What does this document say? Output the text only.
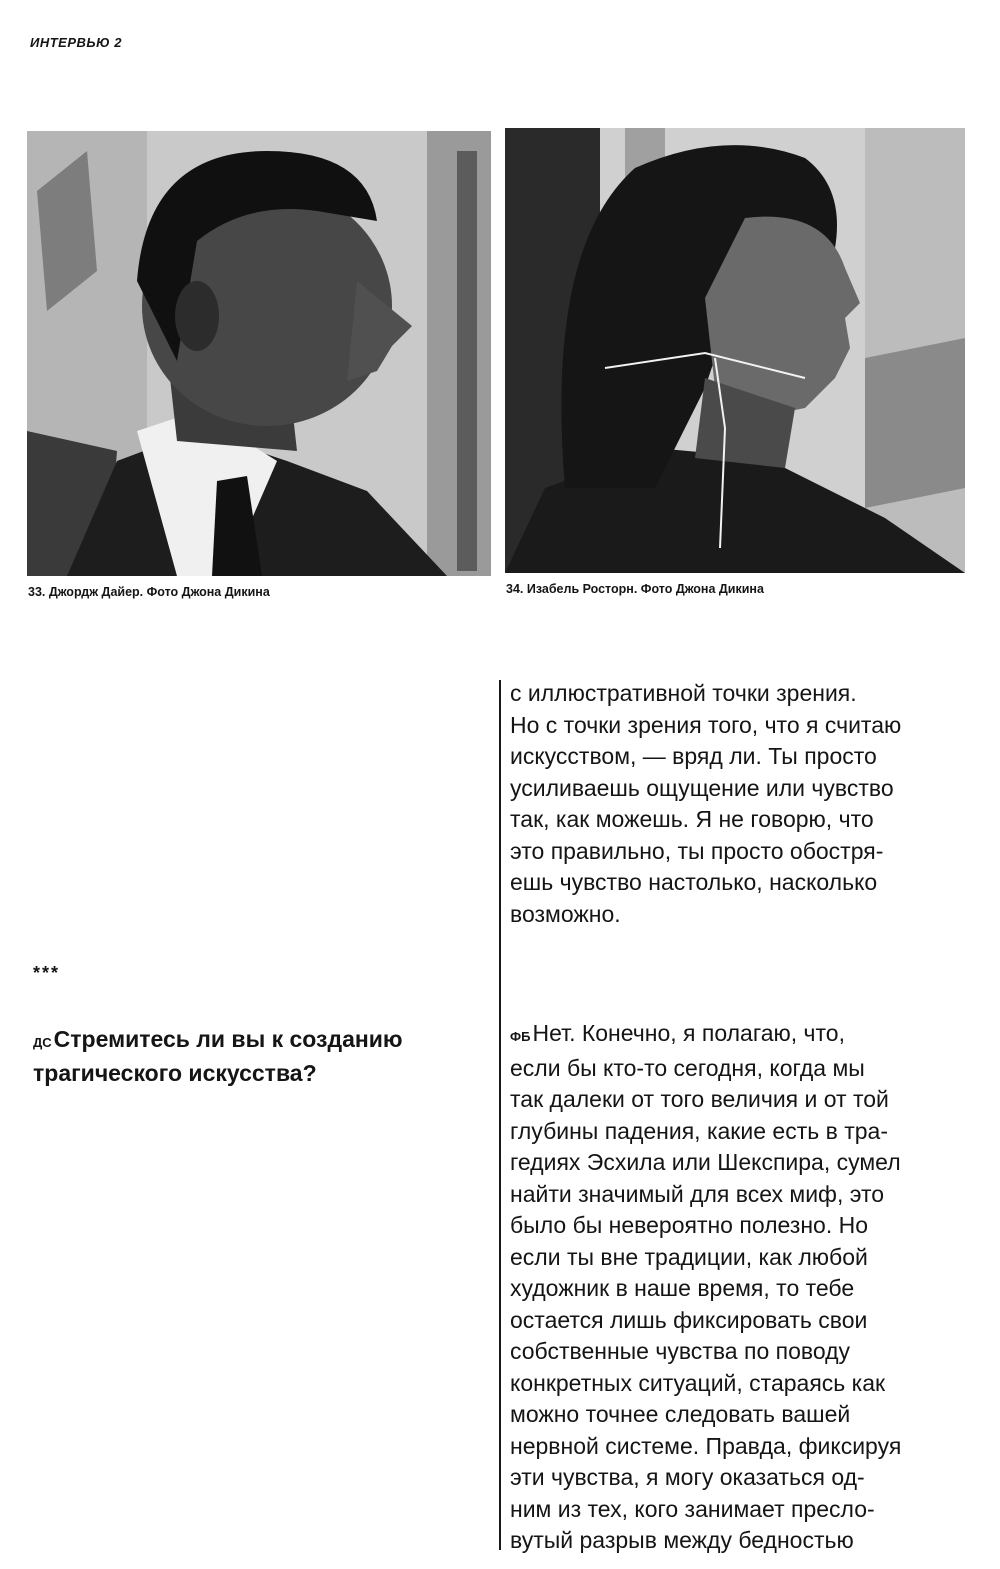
ИНТЕРВЬЮ 2
33. Джордж Дайер. Фото Джона Дикина	34. Изабель Росторн. Фото Джона Дикина
с иллюстративной точки зрения.
Но с точки зрения того, что я считаю
искусством, — вряд ли. Ты просто
усиливаешь ощущение или чувство
так, как можешь. Я не говорю, что
это правильно, ты просто обостря-
ешь чувство настолько, насколько
возможно.
***
ДССтремитесь ли вы к созданию трагического искусства?
ФБНет. Конечно, я полагаю, что,
если бы кто-то сегодня, когда мы
так далеки от того величия и от той
глубины падения, какие есть в тра-
гедиях Эсхила или Шекспира, сумел
найти значимый для всех миф, это
было бы невероятно полезно. Но
если ты вне традиции, как любой
художник в наше время, то тебе
остается лишь фиксировать свои
собственные чувства по поводу
конкретных ситуаций, стараясь как
можно точнее следовать вашей
нервной системе. Правда, фиксируя
эти чувства, я могу оказаться од-
ним из тех, кого занимает пресло-
вутый разрыв между бедностью
